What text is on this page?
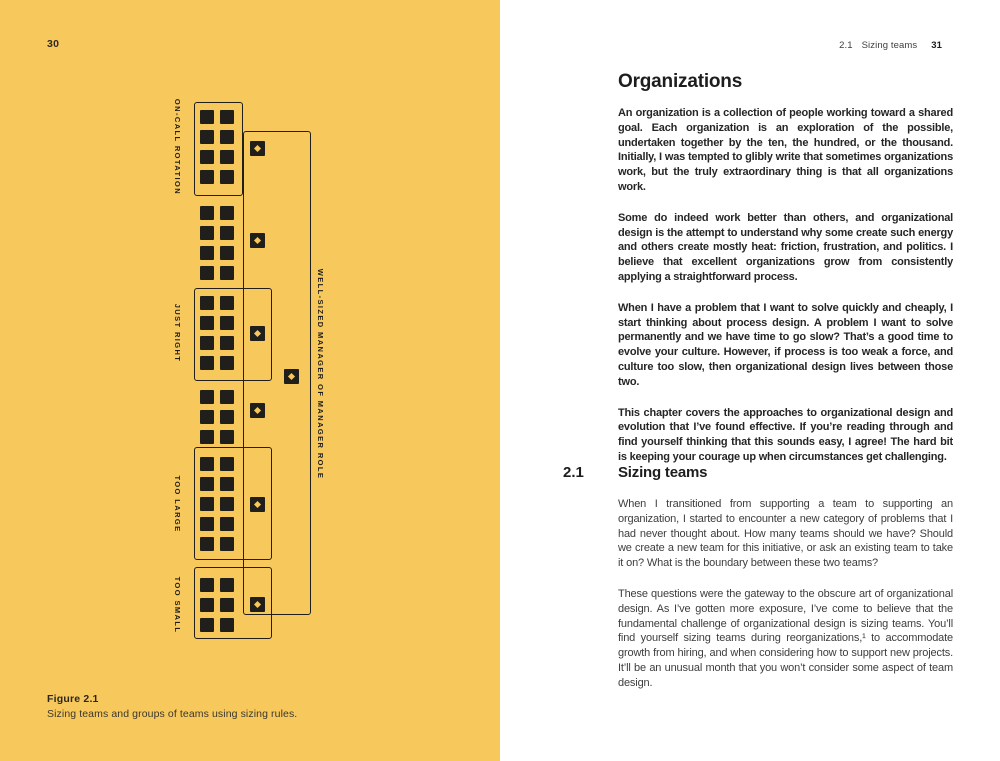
30
WELL-SIZED MANAGER OF MANAGER ROLE
ON-CALL ROTATION
JUST RIGHT
TOO LARGE
TOO SMALL
Figure 2.1
Sizing teams and groups of teams using sizing rules.
2.1 Sizing teams 31
Organizations

An organization is a collection of people working toward a shared goal. Each organization is an exploration of the possible, undertaken together by the ten, the hundred, or the thousand. Initially, I was tempted to glibly write that sometimes organizations work, but the truly extraordinary thing is that all organizations work.

Some do indeed work better than others, and organizational design is the attempt to understand why some create such energy and others create mostly heat: friction, frustration, and politics. I believe that excellent organizations grow from consistently applying a straightforward process.

When I have a problem that I want to solve quickly and cheaply, I start thinking about process design. A problem I want to solve permanently and we have time to go slow? That’s a good time to evolve your culture. However, if process is too weak a force, and culture too slow, then organizational design lives between those two.

This chapter covers the approaches to organizational design and evolution that I’ve found effective. If you’re reading through and find yourself thinking that this sounds easy, I agree! The hard bit is keeping your courage up when circumstances get challenging.

2.1	Sizing teams

When I transitioned from supporting a team to supporting an organization, I started to encounter a new category of problems that I had never thought about. How many teams should we have? Should we create a new team for this initiative, or ask an existing team to take it on? What is the boundary between these two teams?

These questions were the gateway to the obscure art of organizational design. As I’ve gotten more exposure, I’ve come to believe that the fundamental challenge of organizational design is sizing teams. You’ll find yourself sizing teams during reorganizations,¹ to accommodate growth from hiring, and when considering how to support new projects. It’ll be an unusual month that you won’t consider some aspect of team design.
